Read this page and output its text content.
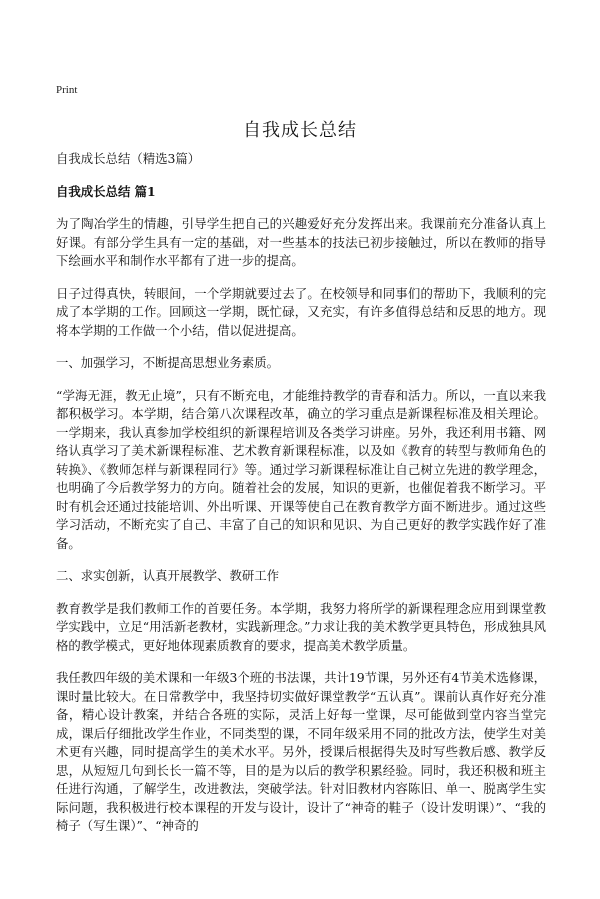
Print
自我成长总结

自我成长总结（精选3篇）

自我成长总结 篇1

为了陶冶学生的情趣，引导学生把自己的兴趣爱好充分发挥出来。我课前充分准备认真上好课。有部分学生具有一定的基础，对一些基本的技法已初步接触过，所以在教师的指导下绘画水平和制作水平都有了进一步的提高。

日子过得真快，转眼间，一个学期就要过去了。在校领导和同事们的帮助下，我顺利的完成了本学期的工作。回顾这一学期，既忙碌，又充实，有许多值得总结和反思的地方。现将本学期的工作做一个小结，借以促进提高。

一、加强学习，不断提高思想业务素质。

“学海无涯，教无止境”，只有不断充电，才能维持教学的青春和活力。所以，一直以来我都积极学习。本学期，结合第八次课程改革，确立的学习重点是新课程标准及相关理论。一学期来，我认真参加学校组织的新课程培训及各类学习讲座。另外，我还利用书籍、网络认真学习了美术新课程标准、艺术教育新课程标准，以及如《教育的转型与教师角色的转换》、《教师怎样与新课程同行》等。通过学习新课程标准让自己树立先进的教学理念，也明确了今后教学努力的方向。随着社会的发展，知识的更新，也催促着我不断学习。平时有机会还通过技能培训、外出听课、开课等使自己在教育教学方面不断进步。通过这些学习活动，不断充实了自己、丰富了自己的知识和见识、为自己更好的教学实践作好了准备。

二、求实创新，认真开展教学、教研工作

教育教学是我们教师工作的首要任务。本学期，我努力将所学的新课程理念应用到课堂教学实践中，立足“用活新老教材，实践新理念。”力求让我的美术教学更具特色，形成独具风格的教学模式，更好地体现素质教育的要求，提高美术教学质量。

我任教四年级的美术课和一年级3个班的书法课，共计19节课，另外还有4节美术选修课，课时量比较大。在日常教学中，我坚持切实做好课堂教学“五认真”。课前认真作好充分准备，精心设计教案，并结合各班的实际，灵活上好每一堂课，尽可能做到堂内容当堂完成，课后仔细批改学生作业，不同类型的课，不同年级采用不同的批改方法，使学生对美术更有兴趣，同时提高学生的美术水平。另外，授课后根据得失及时写些教后感、教学反思，从短短几句到长长一篇不等，目的是为以后的教学积累经验。同时，我还积极和班主任进行沟通，了解学生，改进教法，突破学法。针对旧教材内容陈旧、单一、脱离学生实际问题，我积极进行校本课程的开发与设计，设计了“神奇的鞋子（设计发明课）”、“我的椅子（写生课）”、“神奇的
